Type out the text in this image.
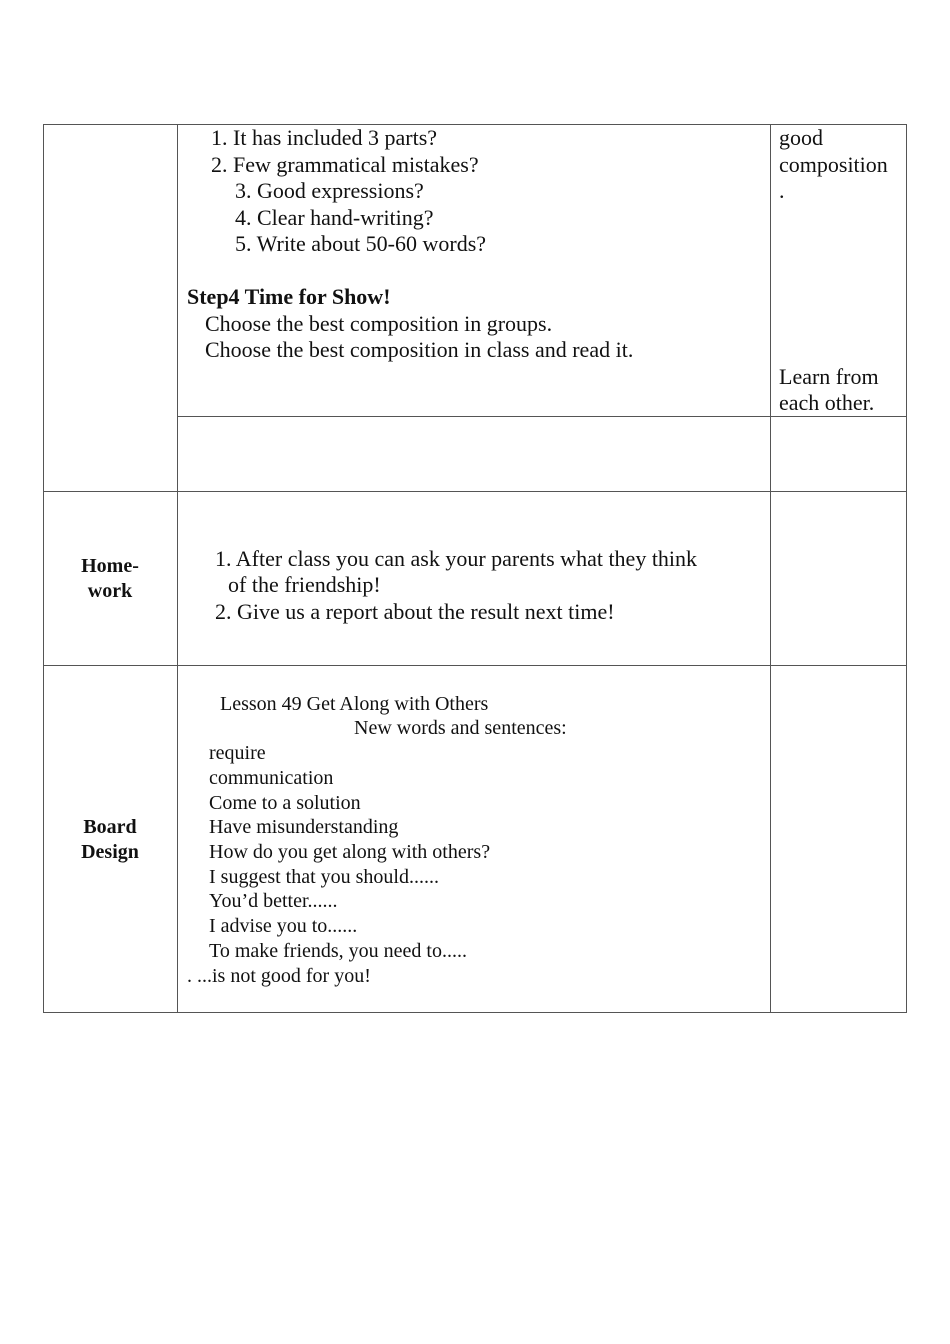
1. It has included 3 parts?
2. Few grammatical mistakes?
3. Good expressions?
4. Clear hand-writing?
5. Write about 50-60 words?
Step4 Time for Show!
Choose the best composition in groups.
Choose the best composition in class and read it.
good
composition
.
Learn from
each other.
Home-
work
1. After class you can ask your parents what they think
of the friendship!
2. Give us a report about the result next time!
Board
Design
Lesson 49 Get Along with Others
New words and sentences:
require
communication
Come to a solution
Have misunderstanding
How do you get along with others?
I suggest that you should......
You’d better......
I advise you to......
To make friends, you need to.....
. ...is not good for you!
